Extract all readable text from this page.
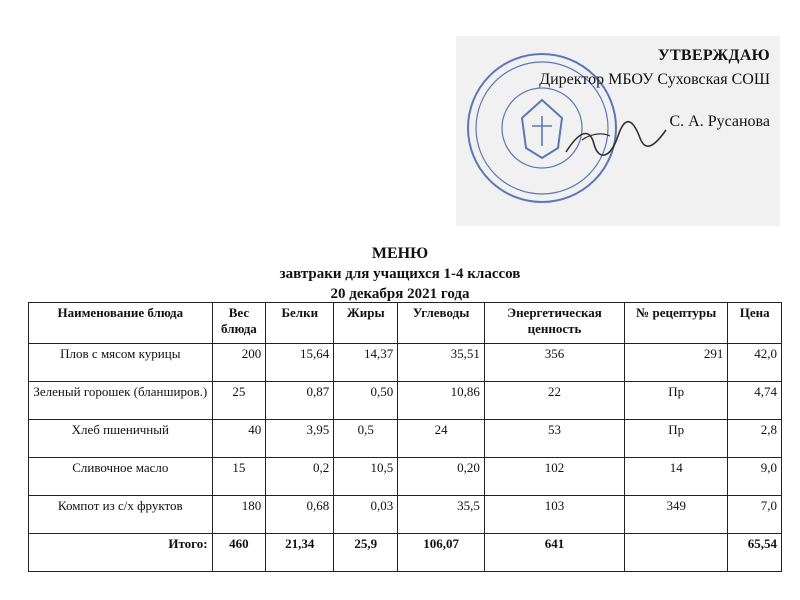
УТВЕРЖДАЮ
Директор МБОУ Суховская СОШ
С. А. Русанова
МЕНЮ
завтраки для учащихся 1-4 классов
20 декабря 2021 года
Наименование блюда	Вес блюда	Белки	Жиры	Углеводы	Энергетическая ценность	№ рецептуры	Цена
Плов с мясом курицы	200	15,64	14,37	35,51	356	291	42,0
Зеленый горошек (бланширов.)	25	0,87	0,50	10,86	22	Пр	4,74
Хлеб пшеничный	40	3,95	0,5	24	53	Пр	2,8
Сливочное масло	15	0,2	10,5	0,20	102	14	9,0
Компот из с/х фруктов	180	0,68	0,03	35,5	103	349	7,0
Итого:	460	21,34	25,9	106,07	641		65,54
